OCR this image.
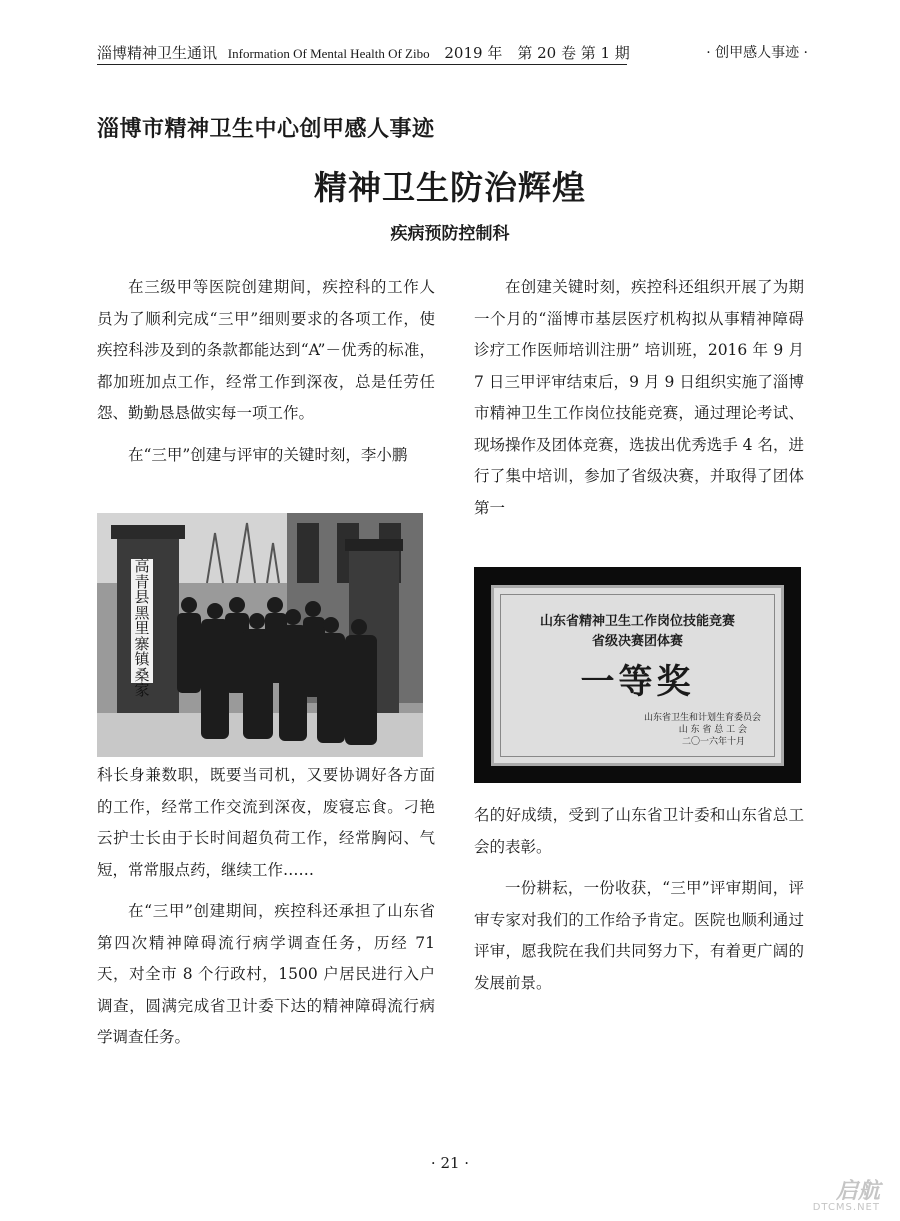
淄博精神卫生通讯 Information Of Mental Health Of Zibo 2019 年　第 20 卷 第 1 期	· 创甲感人事迹 ·
淄博市精神卫生中心创甲感人事迹
精神卫生防治辉煌
疾病预防控制科

在三级甲等医院创建期间，疾控科的工作人员为了顺利完成“三甲”细则要求的各项工作，使疾控科涉及到的条款都能达到“A”－优秀的标准，都加班加点工作，经常工作到深夜，总是任劳任怨、勤勤恳恳做实每一项工作。

在“三甲”创建与评审的关键时刻，李小鹏

高青县黑里寨镇桑家

科长身兼数职，既要当司机，又要协调好各方面的工作，经常工作交流到深夜，废寝忘食。刁艳云护士长由于长时间超负荷工作，经常胸闷、气短，常常服点药，继续工作……

在“三甲”创建期间，疾控科还承担了山东省第四次精神障碍流行病学调查任务，历经 71 天，对全市 8 个行政村，1500 户居民进行入户调查，圆满完成省卫计委下达的精神障碍流行病学调查任务。

在创建关键时刻，疾控科还组织开展了为期一个月的“淄博市基层医疗机构拟从事精神障碍诊疗工作医师培训注册” 培训班，2016 年 9 月 7 日三甲评审结束后，9 月 9 日组织实施了淄博市精神卫生工作岗位技能竞赛，通过理论考试、现场操作及团体竞赛，选拔出优秀选手 4 名，进行了集中培训，参加了省级决赛，并取得了团体第一

山东省精神卫生工作岗位技能竞赛
省级决赛团体赛
一等奖
山东省卫生和计划生育委员会
山 东 省 总 工 会
二〇一六年十月

名的好成绩，受到了山东省卫计委和山东省总工会的表彰。

一份耕耘，一份收获，“三甲”评审期间，评审专家对我们的工作给予肯定。医院也顺利通过评审，愿我院在我们共同努力下，有着更广阔的发展前景。

· 21 ·
启航
DTCMS.NET
